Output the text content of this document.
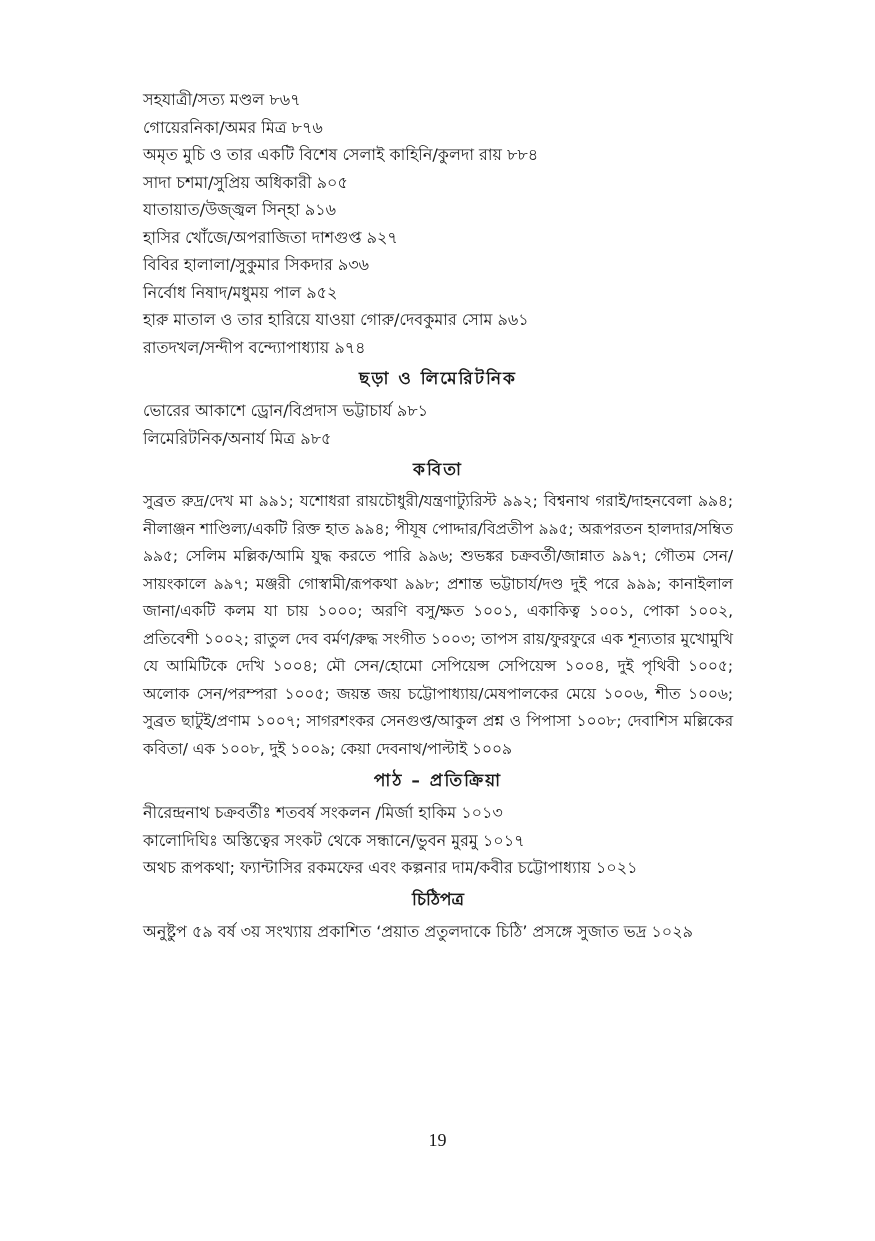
সহযাত্রী/সত্য মণ্ডল ৮৬৭

গোয়েরনিকা/অমর মিত্র ৮৭৬

অমৃত মুচি ও তার একটি বিশেষ সেলাই কাহিনি/কুলদা রায় ৮৮৪

সাদা চশমা/সুপ্রিয় অধিকারী ৯০৫

যাতায়াত/উজ্জ্বল সিন্‌হা ৯১৬

হাসির খোঁজে/অপরাজিতা দাশগুপ্ত ৯২৭

বিবির হালালা/সুকুমার সিকদার ৯৩৬

নির্বোধ নিষাদ/মধুময় পাল ৯৫২

হারু মাতাল ও তার হারিয়ে যাওয়া গোরু/দেবকুমার সোম ৯৬১

রাতদখল/সন্দীপ বন্দ্যোপাধ্যায় ৯৭৪

ছড়া ও লিমেরিটনিক

ভোরের আকাশে ড্রোন/বিপ্রদাস ভট্টাচার্য ৯৮১

লিমেরিটনিক/অনার্য মিত্র ৯৮৫

কবিতা

সুব্রত রুদ্র/দেখ মা ৯৯১; যশোধরা রায়চৌধুরী/যন্ত্রণাট্যুরিস্ট ৯৯২; বিশ্বনাথ গরাই/দাহনবেলা ৯৯৪; নীলাঞ্জন শাণ্ডিল্য/একটি রিক্ত হাত ৯৯৪; পীযূষ পোদ্দার/বিপ্রতীপ ৯৯৫; অরূপরতন হালদার/সম্বিত ৯৯৫; সেলিম মল্লিক/আমি যুদ্ধ করতে পারি ৯৯৬; শুভঙ্কর চক্রবর্তী/জান্নাত ৯৯৭; গৌতম সেন/সায়ংকালে ৯৯৭; মঞ্জরী গোস্বামী/রূপকথা ৯৯৮; প্রশান্ত ভট্টাচার্য/দণ্ড দুই পরে ৯৯৯; কানাইলাল জানা/একটি কলম যা চায় ১০০০; অরণি বসু/ক্ষত ১০০১, একাকিত্ব ১০০১, পোকা ১০০২, প্রতিবেশী ১০০২; রাতুল দেব বর্মণ/রুদ্ধ সংগীত ১০০৩; তাপস রায়/ফুরফুরে এক শূন্যতার মুখোমুখি যে আমিটিকে দেখি ১০০৪; মৌ সেন/হোমো সেপিয়েন্স সেপিয়েন্স ১০০৪, দুই পৃথিবী ১০০৫; অলোক সেন/পরম্পরা ১০০৫; জয়ন্ত জয় চট্টোপাধ্যায়/মেষপালকের মেয়ে ১০০৬, শীত ১০০৬; সুব্রত ছাটুই/প্রণাম ১০০৭; সাগরশংকর সেনগুপ্ত/আকুল প্রশ্ন ও পিপাসা ১০০৮; দেবাশিস মল্লিকের কবিতা/ এক ১০০৮, দুই ১০০৯; কেয়া দেবনাথ/পাল্টাই ১০০৯

পাঠ – প্রতিক্রিয়া

নীরেন্দ্রনাথ চক্রবর্তীঃ শতবর্ষ সংকলন /মির্জা হাকিম ১০১৩

কালোদিঘিঃ অস্তিত্বের সংকট থেকে সন্ধানে/ভুবন মুরমু ১০১৭

অথচ রূপকথা; ফ্যান্টাসির রকমফের এবং কল্পনার দাম/কবীর চট্টোপাধ্যায় ১০২১

চিঠিপত্র

অনুষ্টুপ ৫৯ বর্ষ ৩য় সংখ্যায় প্রকাশিত ‘প্রয়াত প্রতুলদাকে চিঠি’ প্রসঙ্গে সুজাত ভদ্র ১০২৯

19
